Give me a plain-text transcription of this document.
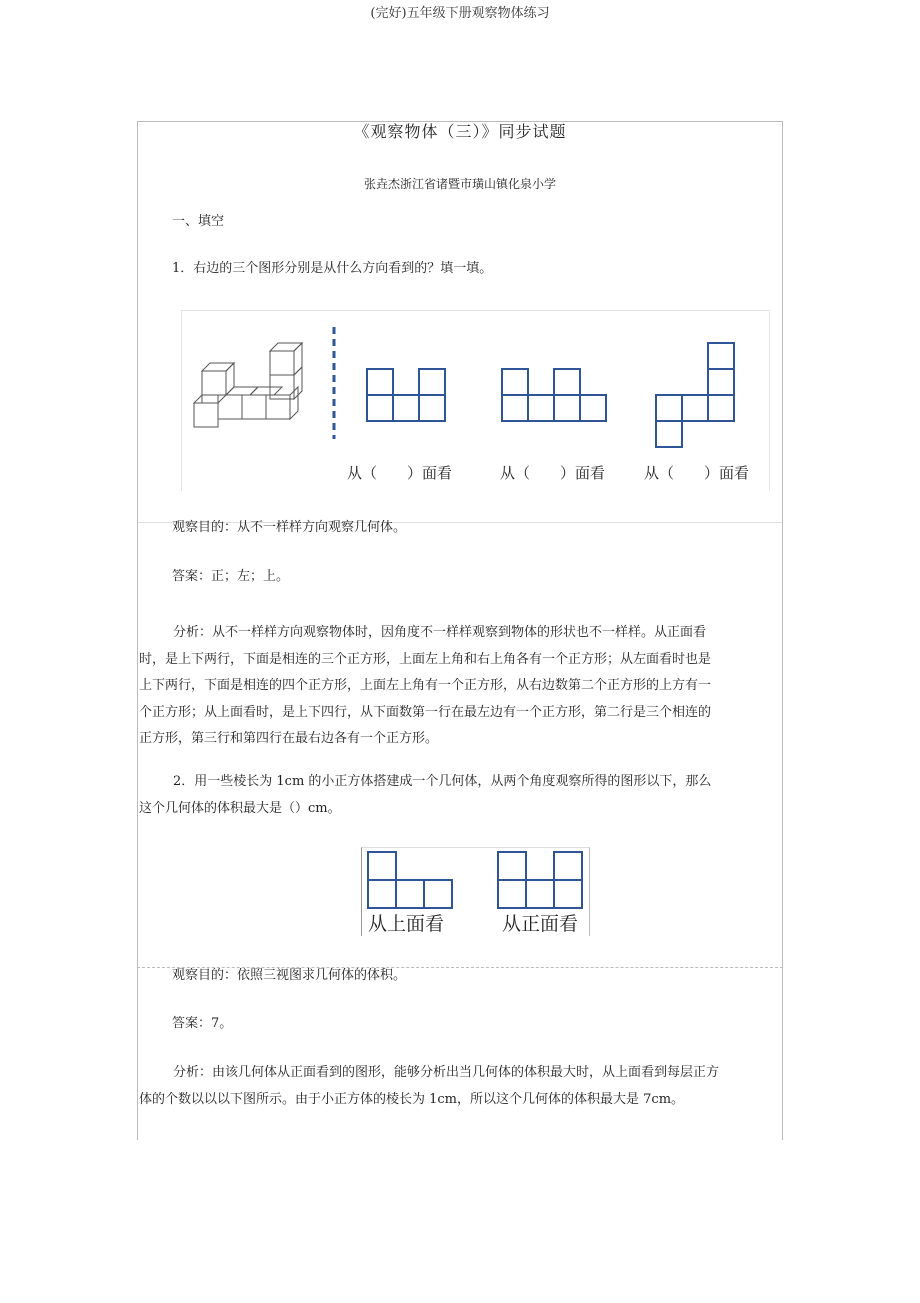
(完好)五年级下册观察物体练习
《观察物体（三）》同步试题
张垚杰浙江省诸暨市璜山镇化泉小学
一、填空
1．右边的三个图形分别是从什么方向看到的？填一填。
从（　　）面看	从（　　）面看	从（　　）面看
观察目的：从不一样样方向观察几何体。
答案：正；左；上。
分析：从不一样样方向观察物体时，因角度不一样样观察到物体的形状也不一样样。从正面看时，是上下两行，下面是相连的三个正方形，上面左上角和右上角各有一个正方形；从左面看时也是上下两行，下面是相连的四个正方形，上面左上角有一个正方形，从右边数第二个正方形的上方有一个正方形；从上面看时，是上下四行，从下面数第一行在最左边有一个正方形，第二行是三个相连的正方形，第三行和第四行在最右边各有一个正方形。
2．用一些棱长为 1cm 的小正方体搭建成一个几何体，从两个角度观察所得的图形以下，那么这个几何体的体积最大是（）cm。
从上面看	从正面看
观察目的：依照三视图求几何体的体积。
答案：7。
分析：由该几何体从正面看到的图形，能够分析出当几何体的体积最大时，从上面看到每层正方体的个数以以以下图所示。由于小正方体的棱长为 1cm，所以这个几何体的体积最大是 7cm。
